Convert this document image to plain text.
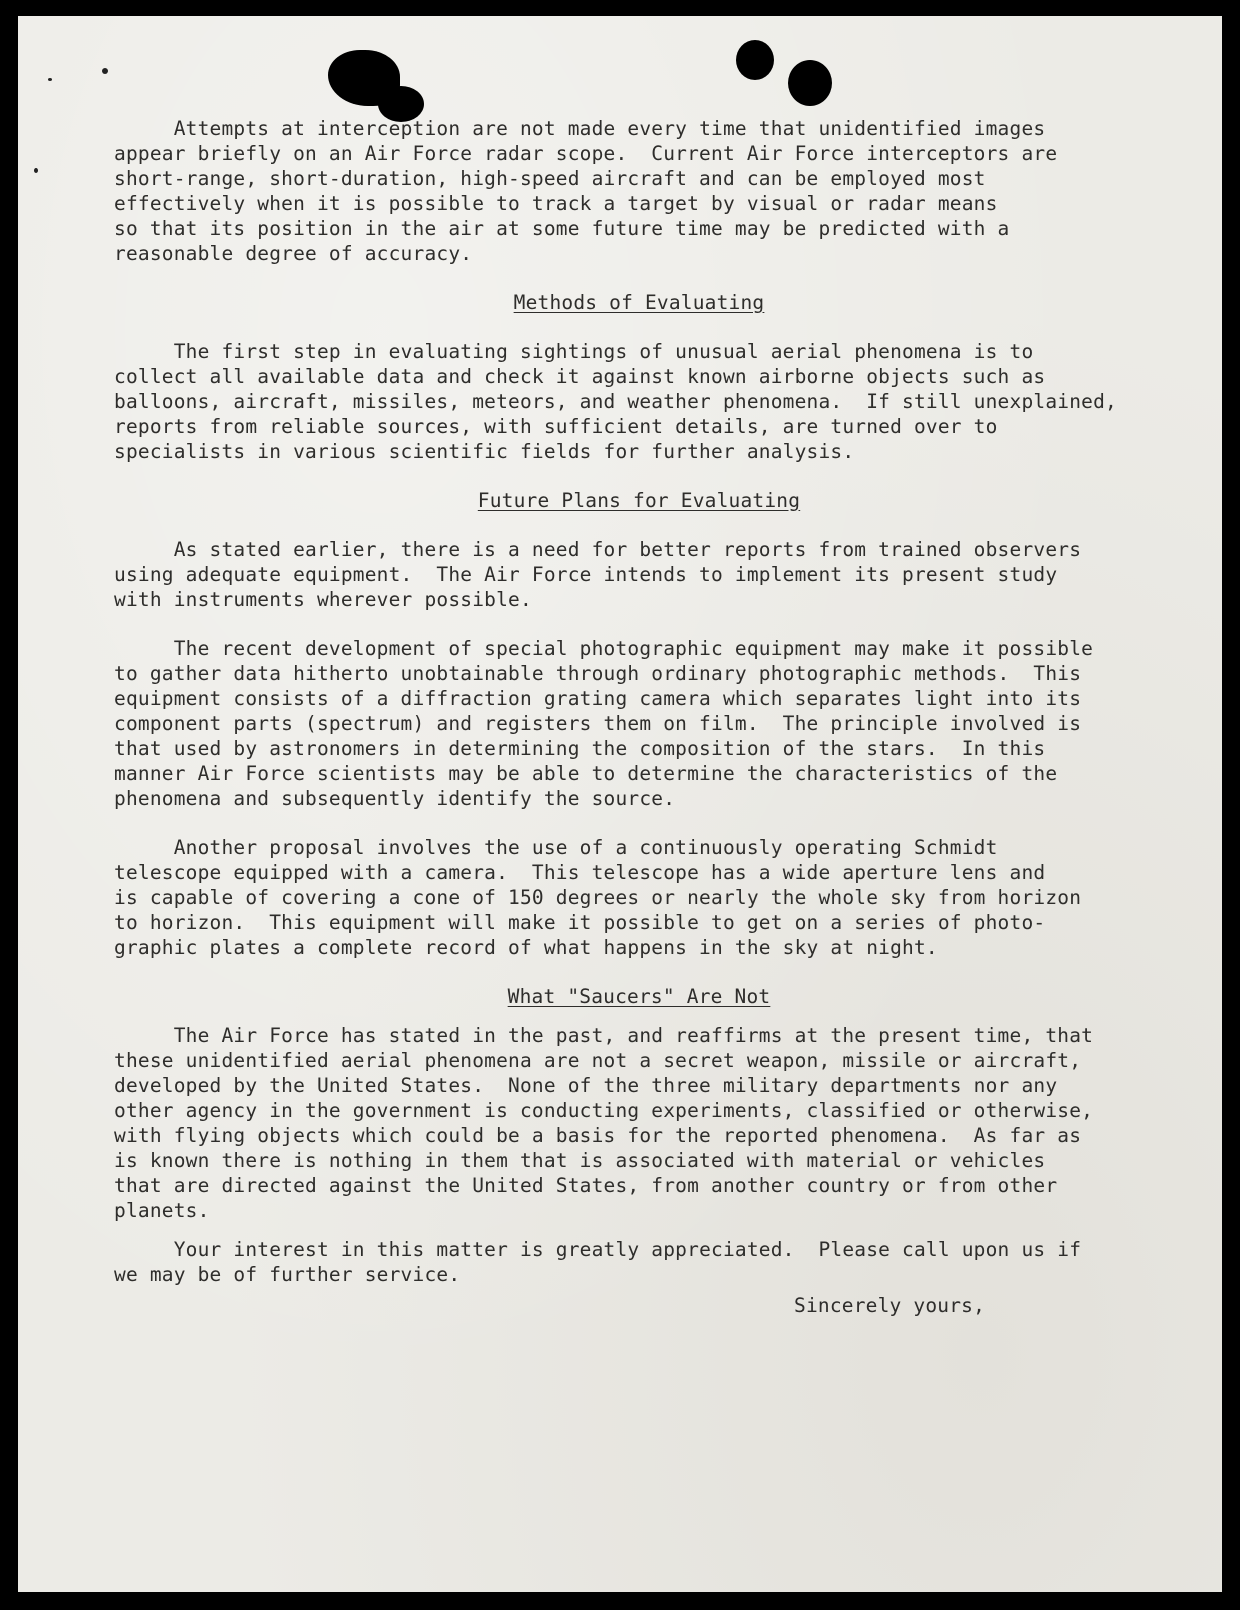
Attempts at interception are not made every time that unidentified images
appear briefly on an Air Force radar scope.  Current Air Force interceptors are
short-range, short-duration, high-speed aircraft and can be employed most
effectively when it is possible to track a target by visual or radar means
so that its position in the air at some future time may be predicted with a
reasonable degree of accuracy.

Methods of Evaluating

The first step in evaluating sightings of unusual aerial phenomena is to
collect all available data and check it against known airborne objects such as
balloons, aircraft, missiles, meteors, and weather phenomena.  If still unexplained,
reports from reliable sources, with sufficient details, are turned over to
specialists in various scientific fields for further analysis.

Future Plans for Evaluating

As stated earlier, there is a need for better reports from trained observers
using adequate equipment.  The Air Force intends to implement its present study
with instruments wherever possible.

The recent development of special photographic equipment may make it possible
to gather data hitherto unobtainable through ordinary photographic methods.  This
equipment consists of a diffraction grating camera which separates light into its
component parts (spectrum) and registers them on film.  The principle involved is
that used by astronomers in determining the composition of the stars.  In this
manner Air Force scientists may be able to determine the characteristics of the
phenomena and subsequently identify the source.

Another proposal involves the use of a continuously operating Schmidt
telescope equipped with a camera.  This telescope has a wide aperture lens and
is capable of covering a cone of 150 degrees or nearly the whole sky from horizon
to horizon.  This equipment will make it possible to get on a series of photo-
graphic plates a complete record of what happens in the sky at night.

What "Saucers" Are Not

The Air Force has stated in the past, and reaffirms at the present time, that
these unidentified aerial phenomena are not a secret weapon, missile or aircraft,
developed by the United States.  None of the three military departments nor any
other agency in the government is conducting experiments, classified or otherwise,
with flying objects which could be a basis for the reported phenomena.  As far as
is known there is nothing in them that is associated with material or vehicles
that are directed against the United States, from another country or from other
planets.

Your interest in this matter is greatly appreciated.  Please call upon us if
we may be of further service.

Sincerely yours,
